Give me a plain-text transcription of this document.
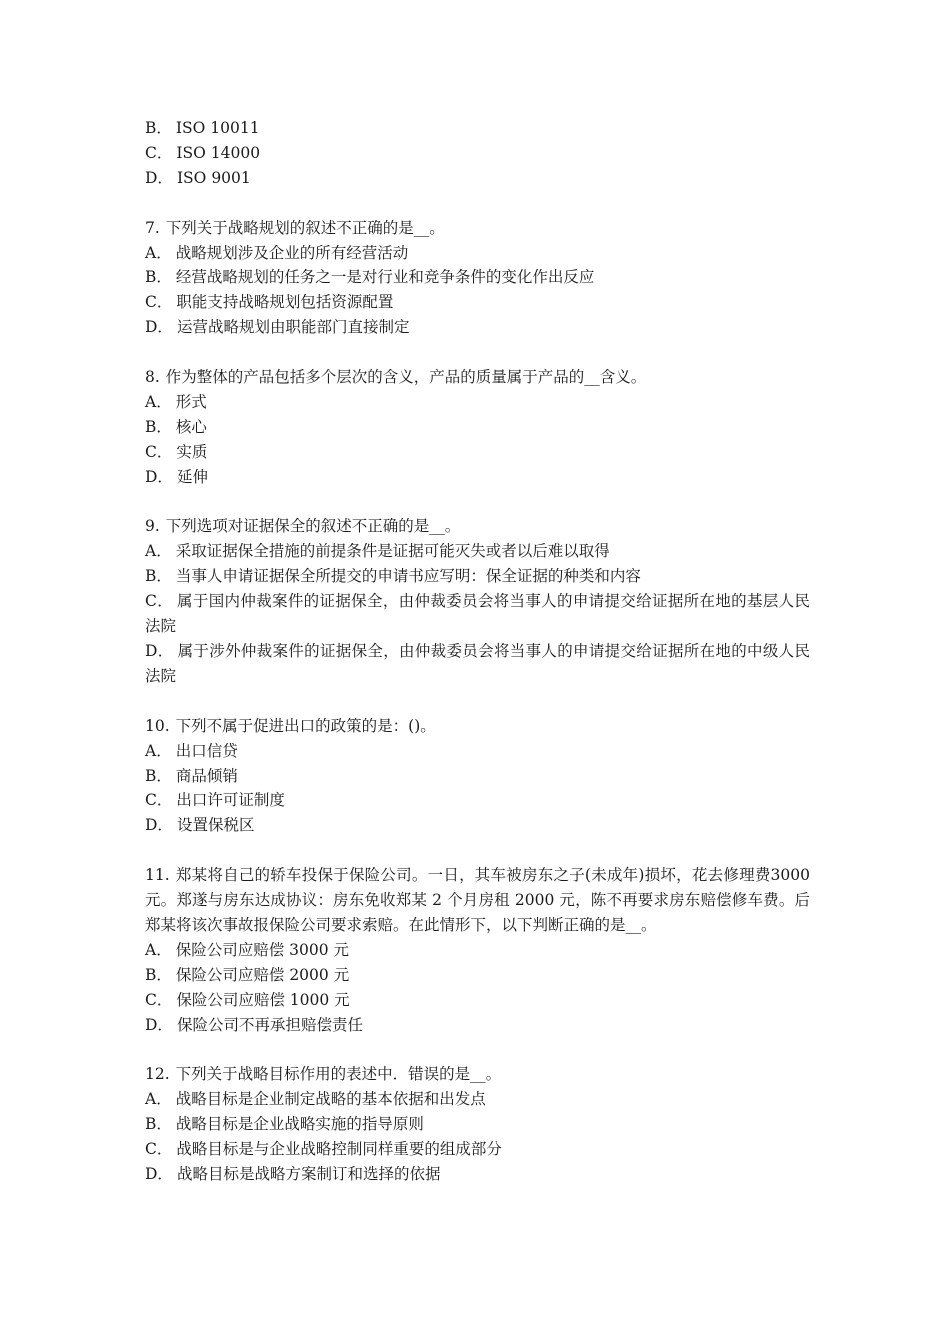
B． ISO 10011
C． ISO 14000
D． ISO 9001
7. 下列关于战略规划的叙述不正确的是__。
A． 战略规划涉及企业的所有经营活动
B． 经营战略规划的任务之一是对行业和竞争条件的变化作出反应
C． 职能支持战略规划包括资源配置
D． 运营战略规划由职能部门直接制定
8. 作为整体的产品包括多个层次的含义，产品的质量属于产品的__含义。
A． 形式
B． 核心
C． 实质
D． 延伸
9. 下列选项对证据保全的叙述不正确的是__。
A． 采取证据保全措施的前提条件是证据可能灭失或者以后难以取得
B． 当事人申请证据保全所提交的申请书应写明：保全证据的种类和内容
C． 属于国内仲裁案件的证据保全，由仲裁委员会将当事人的申请提交给证据所在地的基层人民法院
D． 属于涉外仲裁案件的证据保全，由仲裁委员会将当事人的申请提交给证据所在地的中级人民法院
10. 下列不属于促进出口的政策的是：()。
A． 出口信贷
B． 商品倾销
C． 出口许可证制度
D． 设置保税区
11. 郑某将自己的轿车投保于保险公司。一日，其车被房东之子(未成年)损坏，花去修理费3000 元。郑遂与房东达成协议：房东免收郑某 2 个月房租 2000 元，陈不再要求房东赔偿修车费。后郑某将该次事故报保险公司要求索赔。在此情形下，以下判断正确的是__。
A． 保险公司应赔偿 3000 元
B． 保险公司应赔偿 2000 元
C． 保险公司应赔偿 1000 元
D． 保险公司不再承担赔偿责任
12. 下列关于战略目标作用的表述中．错误的是__。
A． 战略目标是企业制定战略的基本依据和出发点
B． 战略目标是企业战略实施的指导原则
C． 战略目标是与企业战略控制同样重要的组成部分
D． 战略目标是战略方案制订和选择的依据
